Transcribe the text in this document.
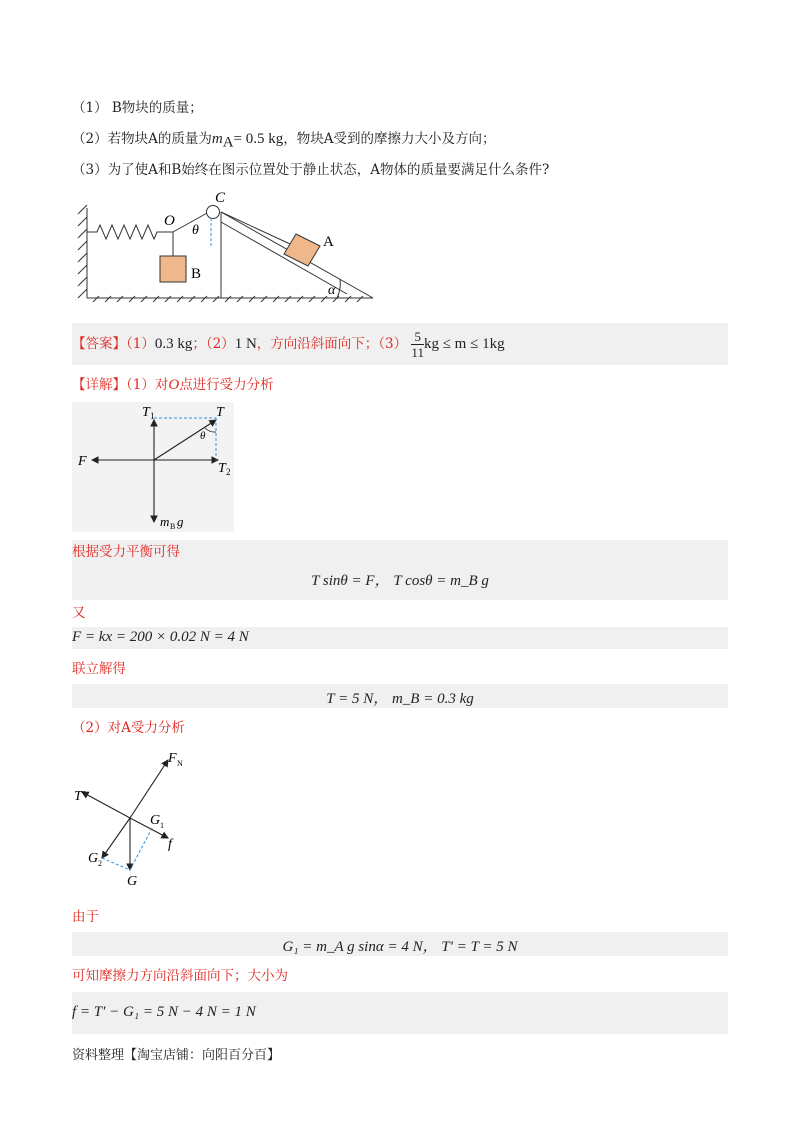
（1） B物块的质量；
（2）若物块A的质量为$m_A= 0.5$ kg，物块A受到的摩擦力大小及方向；
（3）为了使A和B始终在图示位置处于静止状态，A物体的质量要满足什么条件?
C
O
θ
A
B
α
【答案】（1）0.3 kg；（2）1 N，方向沿斜面向下；$(3) \frac{5}{11}$ kg ≤ m ≤ 1kg
【详解】（1）对O点进行受力分析
T 1	T
θ
F	T 2
m B g
根据受力平衡可得
T sinθ = F， T cosθ = m_B g
又
F = kx = 200 × 0.02 N = 4 N
联立解得
T = 5 N， m_B = 0.3 kg
（2）对A受力分析
F N
T′
G 1
f
G 2
G
由于
G₁ = m_A g sinα = 4 N， T′ = T = 5 N
可知摩擦力方向沿斜面向下；大小为
f = T′ − G₁ = 5 N − 4 N = 1 N
资料整理【淘宝店铺：向阳百分百】
